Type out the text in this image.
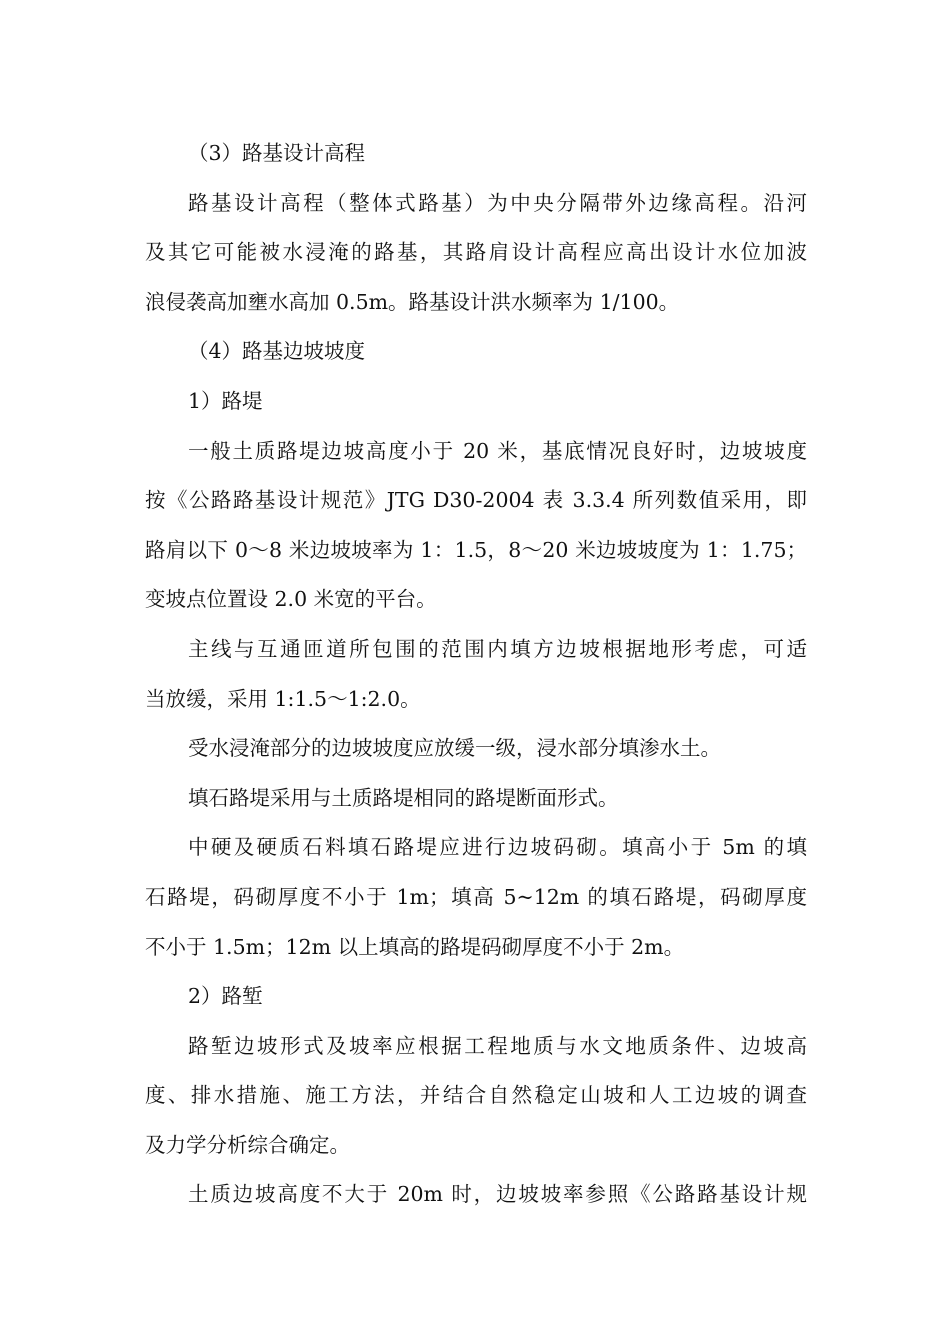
（3）路基设计高程
路基设计高程（整体式路基）为中央分隔带外边缘高程。沿河
及其它可能被水浸淹的路基，其路肩设计高程应高出设计水位加波
浪侵袭高加壅水高加 0.5m。路基设计洪水频率为 1/100。
（4）路基边坡坡度
1）路堤
一般土质路堤边坡高度小于 20 米，基底情况良好时，边坡坡度
按《公路路基设计规范》JTG D30-2004 表 3.3.4 所列数值采用，即
路肩以下 0～8 米边坡坡率为 1：1.5，8～20 米边坡坡度为 1：1.75；
变坡点位置设 2.0 米宽的平台。
主线与互通匝道所包围的范围内填方边坡根据地形考虑，可适
当放缓，采用 1:1.5～1:2.0。
受水浸淹部分的边坡坡度应放缓一级，浸水部分填渗水土。
填石路堤采用与土质路堤相同的路堤断面形式。
中硬及硬质石料填石路堤应进行边坡码砌。填高小于 5m 的填
石路堤，码砌厚度不小于 1m；填高 5~12m 的填石路堤，码砌厚度
不小于 1.5m；12m 以上填高的路堤码砌厚度不小于 2m。
2）路堑
路堑边坡形式及坡率应根据工程地质与水文地质条件、边坡高
度、排水措施、施工方法，并结合自然稳定山坡和人工边坡的调查
及力学分析综合确定。
土质边坡高度不大于 20m 时，边坡坡率参照《公路路基设计规
